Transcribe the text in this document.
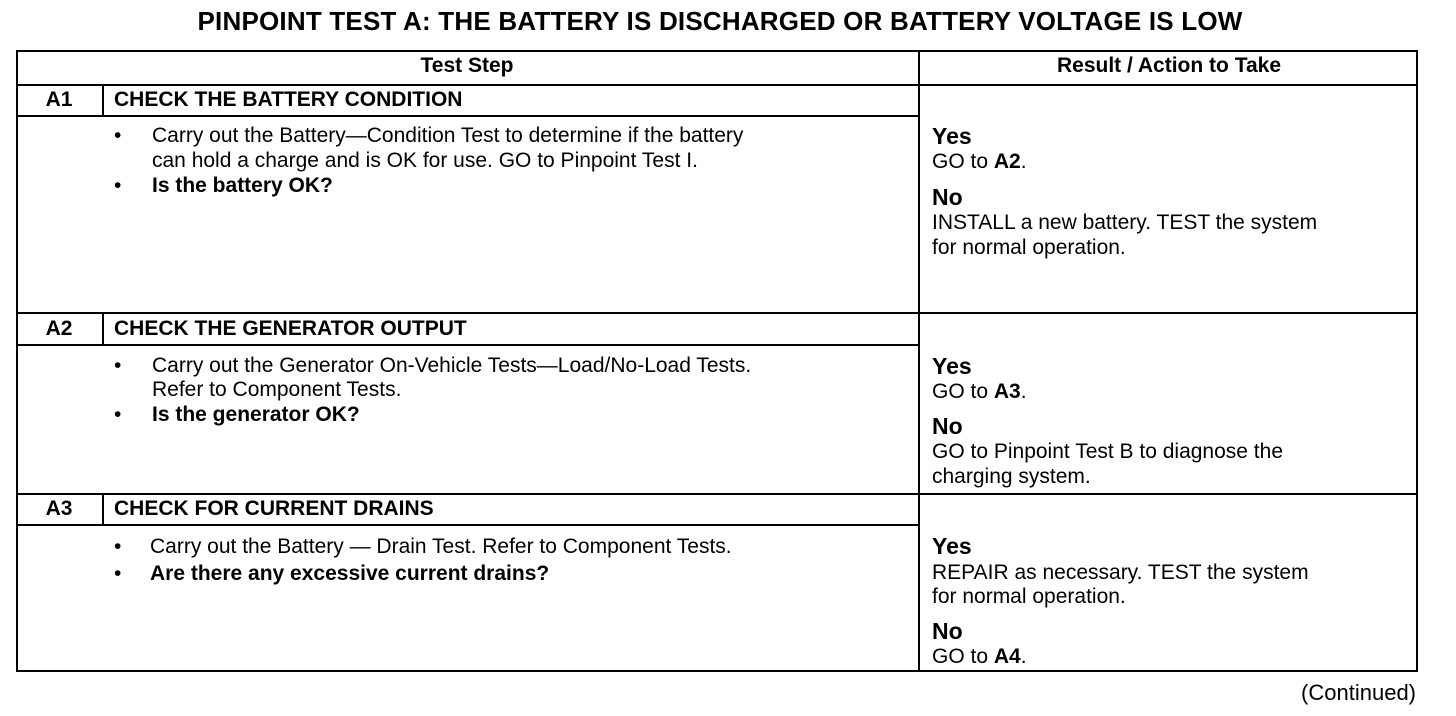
PINPOINT TEST A: THE BATTERY IS DISCHARGED OR BATTERY VOLTAGE IS LOW
Test Step	Result / Action to Take
A1	CHECK THE BATTERY CONDITION
• Carry out the Battery—Condition Test to determine if the battery
can hold a charge and is OK for use. GO to Pinpoint Test I.
• Is the battery OK?
Yes
GO to A2.
No
INSTALL a new battery. TEST the system
for normal operation.
A2	CHECK THE GENERATOR OUTPUT
• Carry out the Generator On-Vehicle Tests—Load/No-Load Tests.
Refer to Component Tests.
• Is the generator OK?
Yes
GO to A3.
No
GO to Pinpoint Test B to diagnose the
charging system.
A3	CHECK FOR CURRENT DRAINS
• Carry out the Battery — Drain Test. Refer to Component Tests.
• Are there any excessive current drains?
Yes
REPAIR as necessary. TEST the system
for normal operation.
No
GO to A4.
(Continued)
